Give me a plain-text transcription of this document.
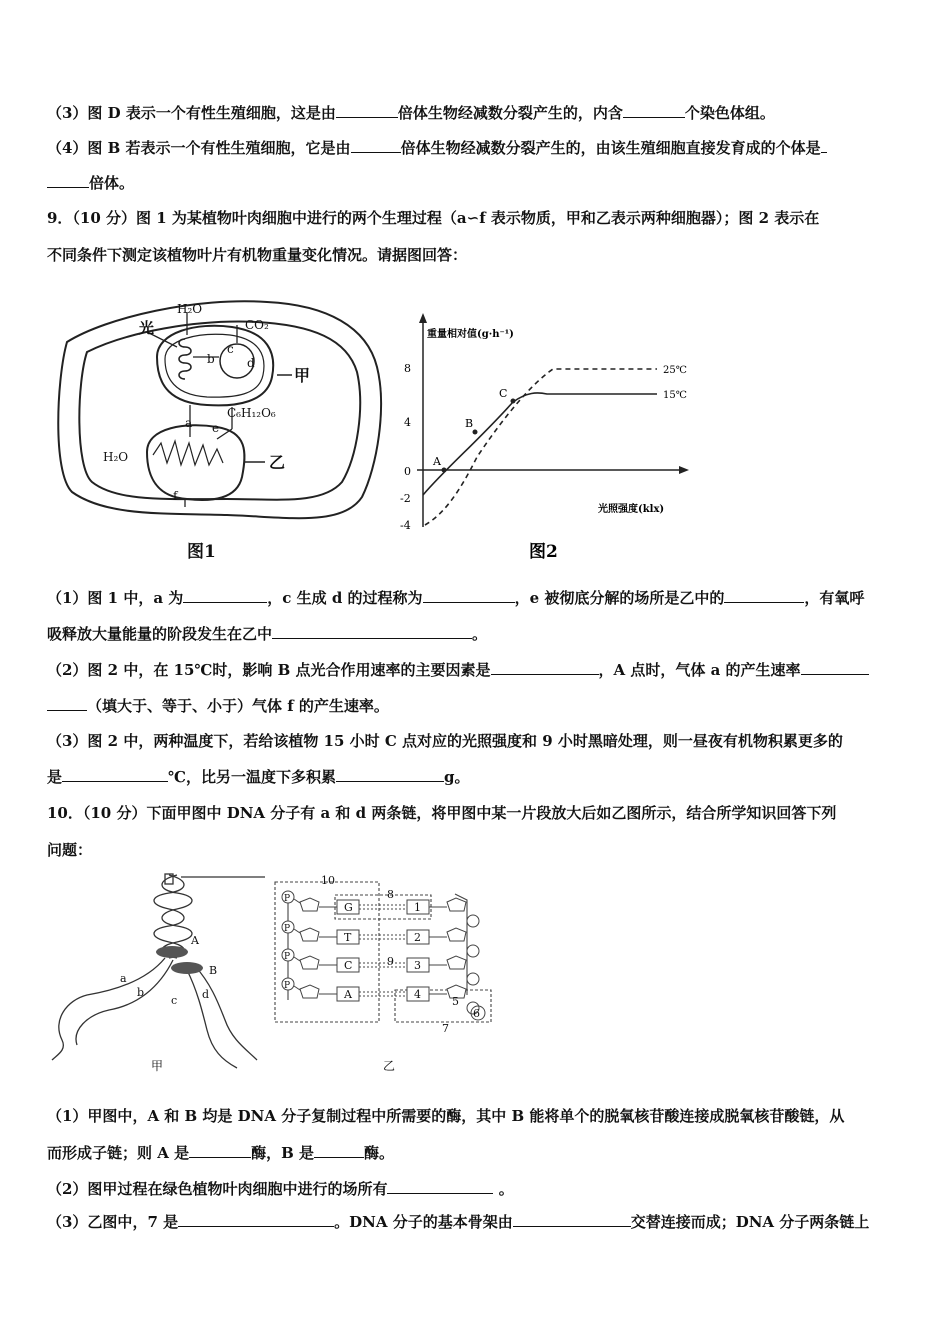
（3）图 D 表示一个有性生殖细胞，这是由	倍体生物经减数分裂产生的，内含	个染色体组。
（4）图 B 若表示一个有性生殖细胞，它是由	倍体生物经减数分裂产生的，由该生殖细胞直接发育成的个体是
倍体。
9．（10 分）图 1 为某植物叶肉细胞中进行的两个生理过程（a∽f 表示物质，甲和乙表示两种细胞器）；图 2 表示在
不同条件下测定该植物叶片有机物重量变化情况。请据图回答：
光
H₂O
CO₂
b
c
d
甲
a
C₆H₁₂O₆
e
H₂O
f
乙
图1
重量相对值(g·h⁻¹)
光照强度(klx)
8
4
0
-2
-4
A
B
C
25℃
15℃
图2
（1）图 1 中，a 为	，c 生成 d 的过程称为	，e 被彻底分解的场所是乙中的	，有氧呼
吸释放大量能量的阶段发生在乙中	。
（2）图 2 中，在 15℃时，影响 B 点光合作用速率的主要因素是	，A 点时，气体 a 的产生速率
（填大于、等于、小于）气体 f 的产生速率。
（3）图 2 中，两种温度下，若给该植物 15 小时 C 点对应的光照强度和 9 小时黑暗处理，则一昼夜有机物积累更多的
是	℃，比另一温度下多积累	g。
10．（10 分）下面甲图中 DNA 分子有 a 和 d 两条链，将甲图中某一片段放大后如乙图所示，结合所学知识回答下列
问题：
A
B
a
b
c d
甲
P
G	1
P
T	2
P
C	3
P
A	4
10
8
9
7
5
6
乙
（1）甲图中，A 和 B 均是 DNA 分子复制过程中所需要的酶，其中 B 能将单个的脱氧核苷酸连接成脱氧核苷酸链，从
而形成子链；则 A 是	酶，B 是	酶。
（2）图甲过程在绿色植物叶肉细胞中进行的场所有	。
（3）乙图中，7 是	。DNA 分子的基本骨架由	交替连接而成；DNA 分子两条链上
